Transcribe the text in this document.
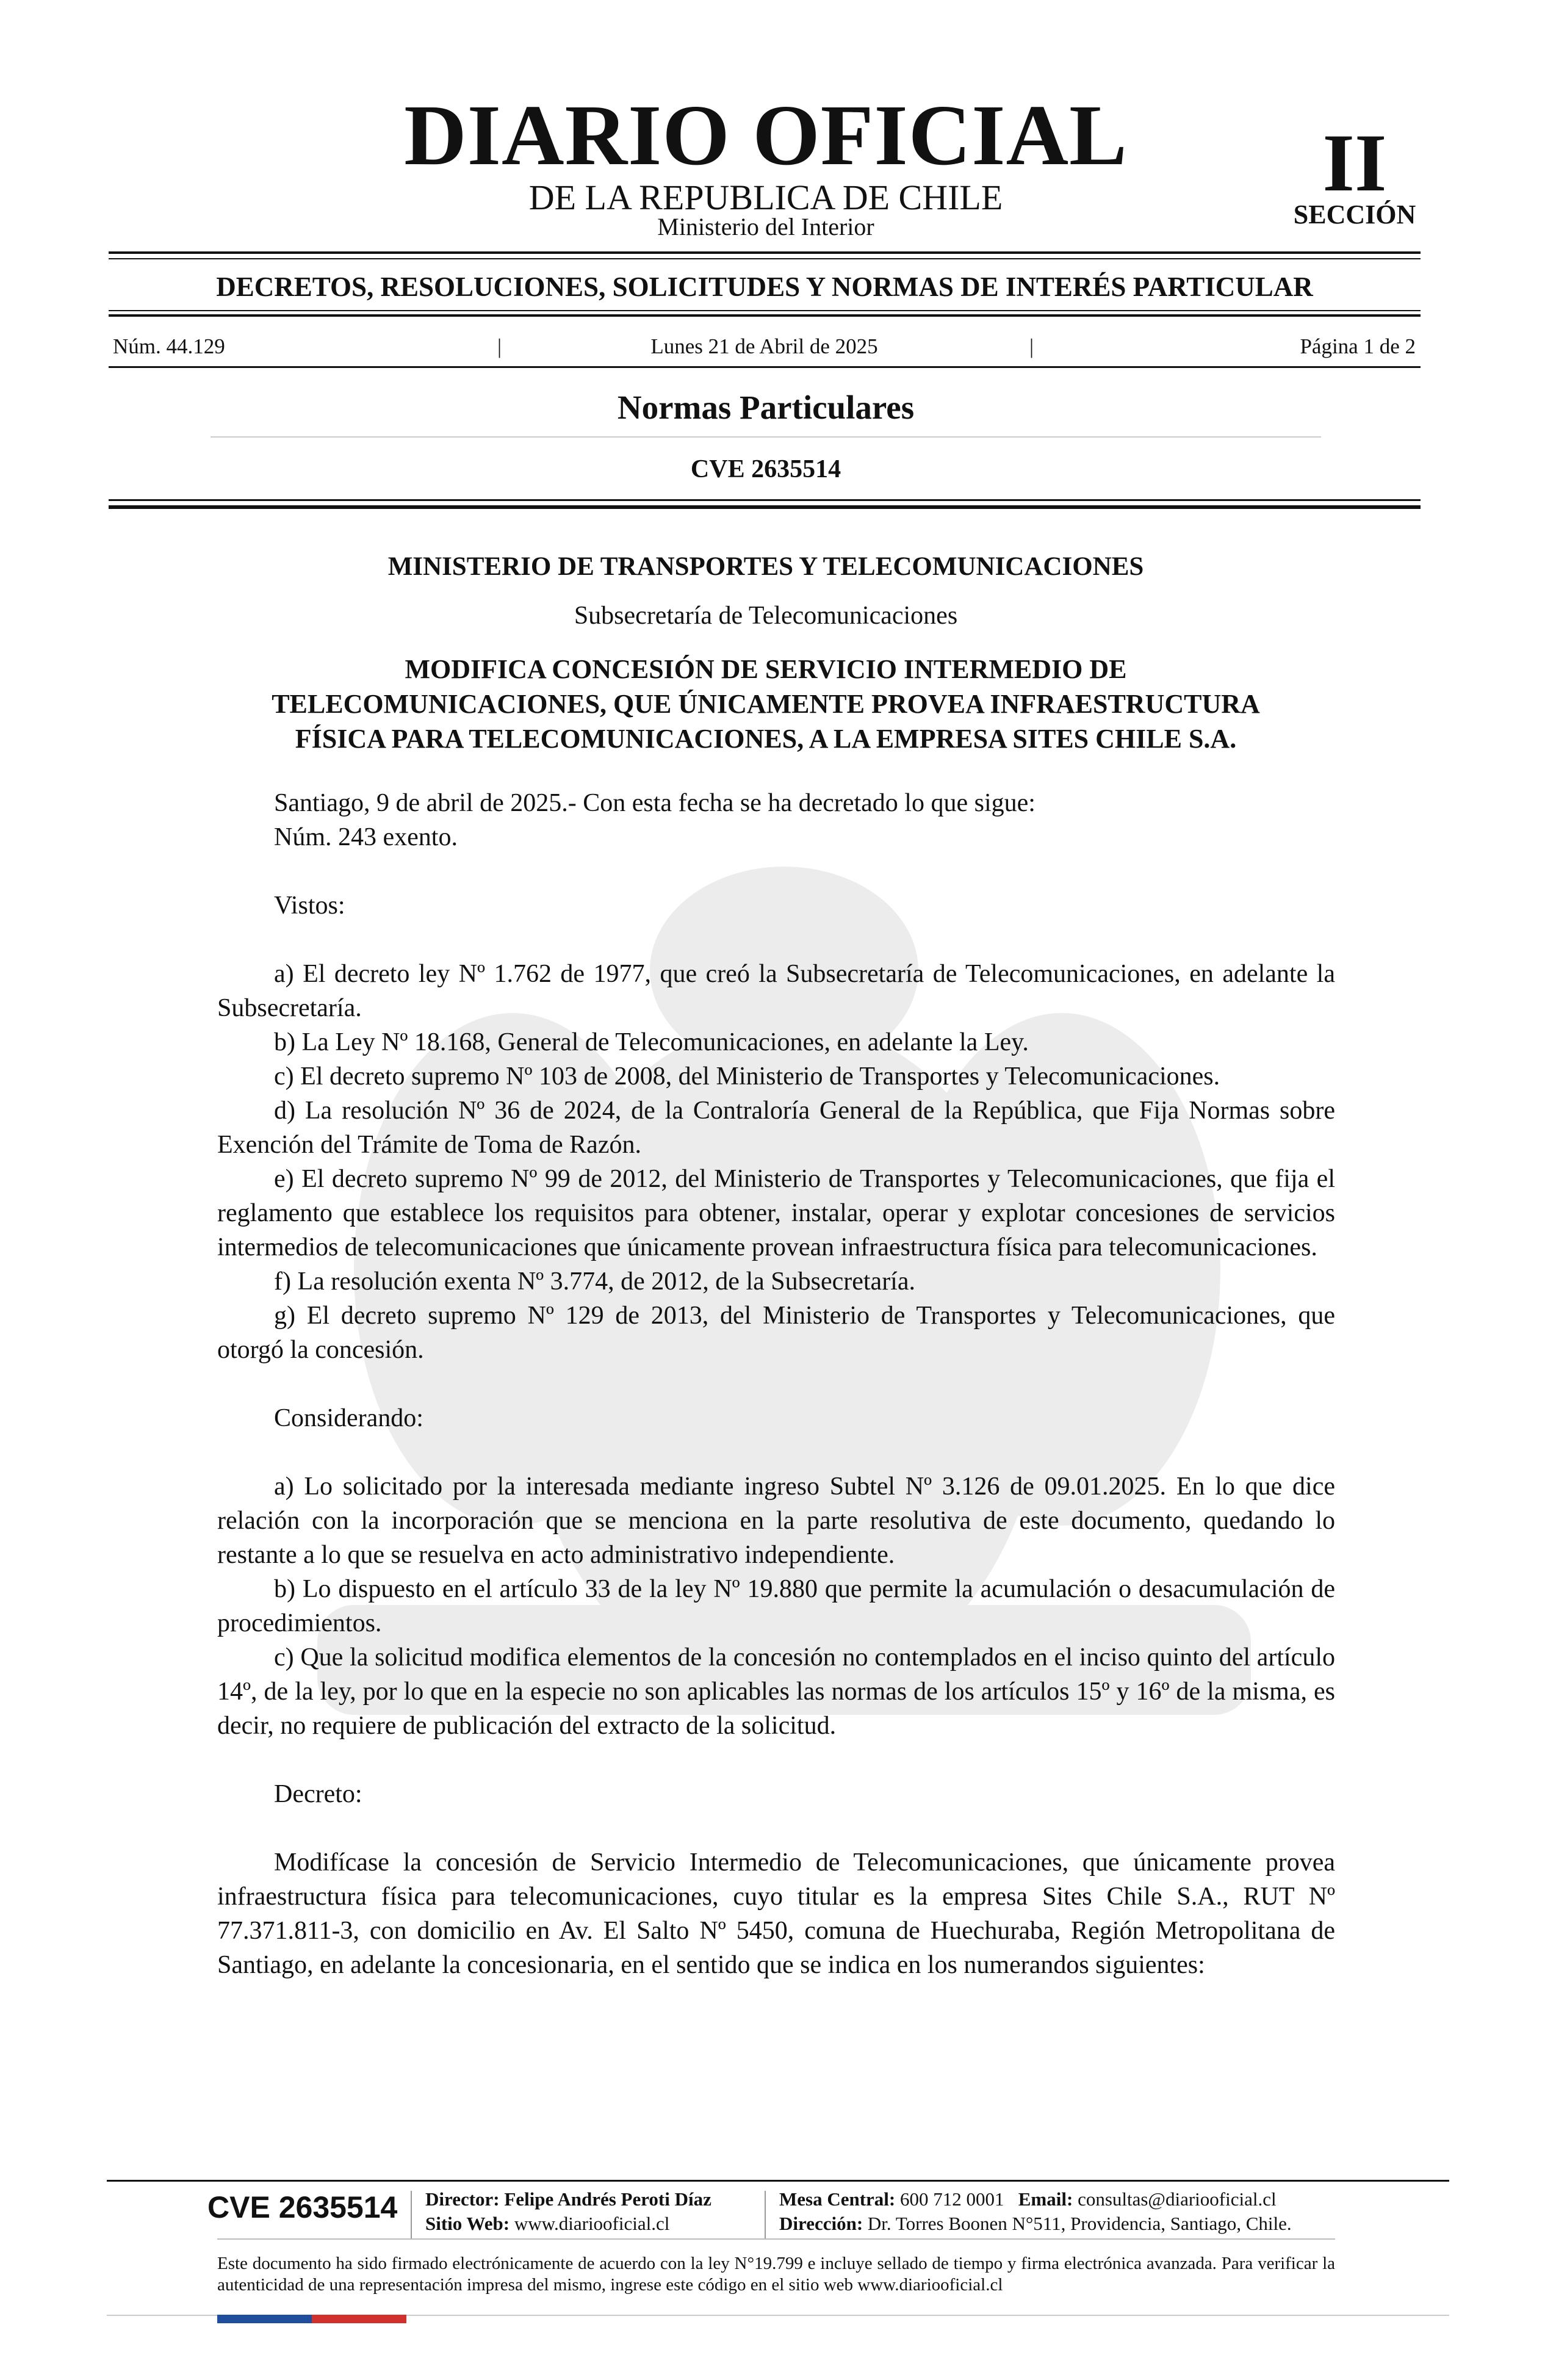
DIARIO OFICIAL
DE LA REPUBLICA DE CHILE
Ministerio del Interior
II
SECCIÓN
DECRETOS, RESOLUCIONES, SOLICITUDES Y NORMAS DE INTERÉS PARTICULAR
Núm. 44.129	|	Lunes 21 de Abril de 2025	|	Página 1 de 2
Normas Particulares
CVE 2635514
MINISTERIO DE TRANSPORTES Y TELECOMUNICACIONES
Subsecretaría de Telecomunicaciones
MODIFICA CONCESIÓN DE SERVICIO INTERMEDIO DE
TELECOMUNICACIONES, QUE ÚNICAMENTE PROVEA INFRAESTRUCTURA
FÍSICA PARA TELECOMUNICACIONES, A LA EMPRESA SITES CHILE S.A.

Santiago, 9 de abril de 2025.- Con esta fecha se ha decretado lo que sigue:

Núm. 243 exento.

Vistos:

a) El decreto ley Nº 1.762 de 1977, que creó la Subsecretaría de Telecomunicaciones, en adelante la Subsecretaría.

b) La Ley Nº 18.168, General de Telecomunicaciones, en adelante la Ley.

c) El decreto supremo Nº 103 de 2008, del Ministerio de Transportes y Telecomunicaciones.

d) La resolución Nº 36 de 2024, de la Contraloría General de la República, que Fija Normas sobre Exención del Trámite de Toma de Razón.

e) El decreto supremo Nº 99 de 2012, del Ministerio de Transportes y Telecomunicaciones, que fija el reglamento que establece los requisitos para obtener, instalar, operar y explotar concesiones de servicios intermedios de telecomunicaciones que únicamente provean infraestructura física para telecomunicaciones.

f) La resolución exenta Nº 3.774, de 2012, de la Subsecretaría.

g) El decreto supremo Nº 129 de 2013, del Ministerio de Transportes y Telecomunicaciones, que otorgó la concesión.

Considerando:

a) Lo solicitado por la interesada mediante ingreso Subtel Nº 3.126 de 09.01.2025. En lo que dice relación con la incorporación que se menciona en la parte resolutiva de este documento, quedando lo restante a lo que se resuelva en acto administrativo independiente.

b) Lo dispuesto en el artículo 33 de la ley Nº 19.880 que permite la acumulación o desacumulación de procedimientos.

c) Que la solicitud modifica elementos de la concesión no contemplados en el inciso quinto del artículo 14º, de la ley, por lo que en la especie no son aplicables las normas de los artículos 15º y 16º de la misma, es decir, no requiere de publicación del extracto de la solicitud.

Decreto:

Modifícase la concesión de Servicio Intermedio de Telecomunicaciones, que únicamente provea infraestructura física para telecomunicaciones, cuyo titular es la empresa Sites Chile S.A., RUT Nº 77.371.811-3, con domicilio en Av. El Salto Nº 5450, comuna de Huechuraba, Región Metropolitana de Santiago, en adelante la concesionaria, en el sentido que se indica en los numerandos siguientes:

CVE 2635514 Director: Felipe Andrés Peroti Díaz
Sitio Web: www.diariooficial.cl
Mesa Central: 600 712 0001 Email: consultas@diariooficial.cl
Dirección: Dr. Torres Boonen N°511, Providencia, Santiago, Chile.
Este documento ha sido firmado electrónicamente de acuerdo con la ley N°19.799 e incluye sellado de tiempo y firma electrónica avanzada. Para verificar la autenticidad de una representación impresa del mismo, ingrese este código en el sitio web www.diariooficial.cl
